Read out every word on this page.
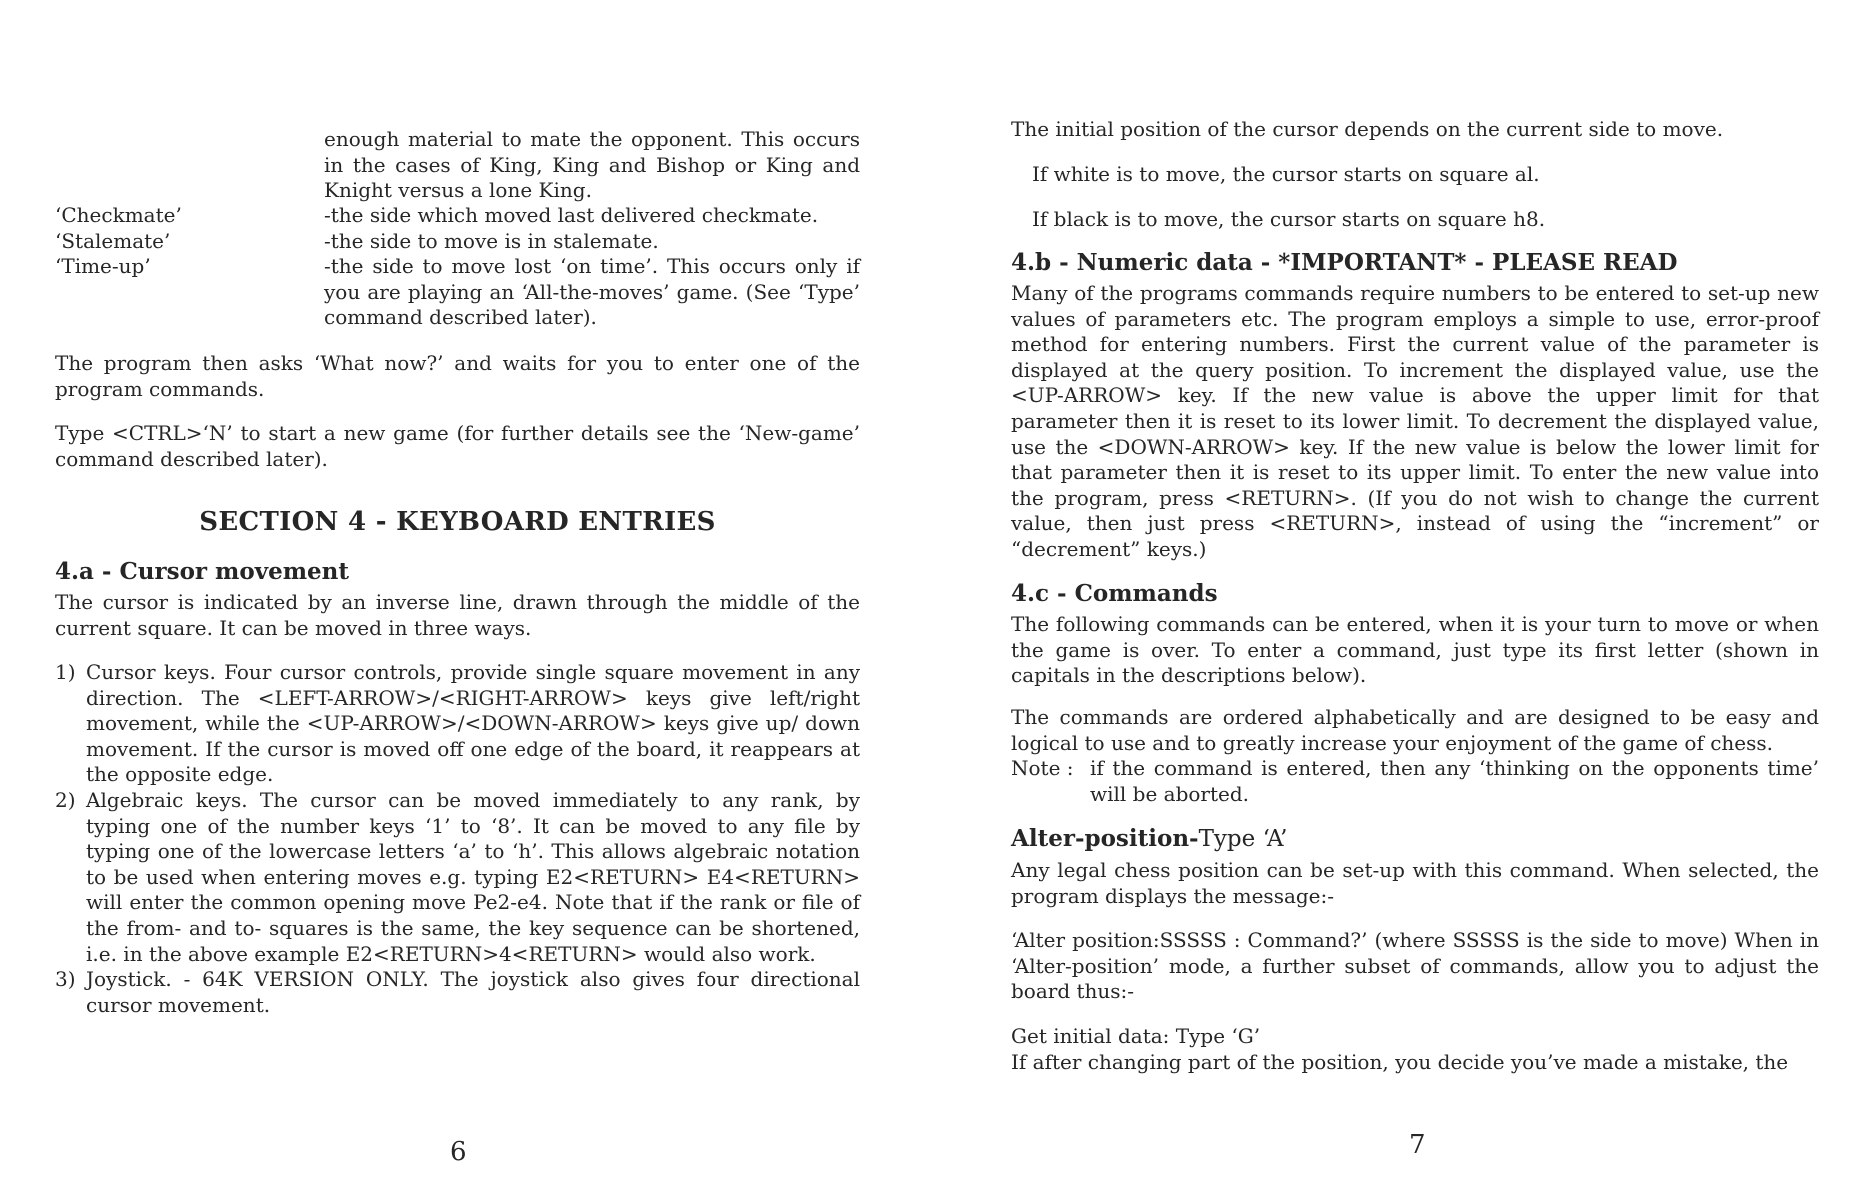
enough material to mate the opponent. This occurs in the cases of King, King and Bishop or King and Knight versus a lone King.

‘Checkmate’	-the side which moved last delivered checkmate.
‘Stalemate’	-the side to move is in stalemate.
‘Time-up’	-the side to move lost ‘on time’. This occurs only if you are playing an ‘All-the-moves’ game. (See ‘Type’ command described later).

The program then asks ‘What now?’ and waits for you to enter one of the program commands.

Type <CTRL>‘N’ to start a new game (for further details see the ‘New-game’ command described later).

SECTION 4 - KEYBOARD ENTRIES
4.a - Cursor movement

The cursor is indicated by an inverse line, drawn through the middle of the current square. It can be moved in three ways.

1) Cursor keys. Four cursor controls, provide single square movement in any direction. The <LEFT-ARROW>/<RIGHT-ARROW> keys give left/right movement, while the <UP-ARROW>/<DOWN-ARROW> keys give up/ down movement. If the cursor is moved off one edge of the board, it reappears at the opposite edge.
2) Algebraic keys. The cursor can be moved immediately to any rank, by typing one of the number keys ‘1’ to ‘8’. It can be moved to any file by typing one of the lowercase letters ‘a’ to ‘h’. This allows algebraic notation to be used when entering moves e.g. typing E2<RETURN> E4<RETURN> will enter the common opening move Pe2-e4. Note that if the rank or file of the from- and to- squares is the same, the key sequence can be shortened, i.e. in the above example E2<RETURN>4<RETURN> would also work.
3) Joystick. - 64K VERSION ONLY. The joystick also gives four directional cursor movement.
6

The initial position of the cursor depends on the current side to move.

If white is to move, the cursor starts on square al.

If black is to move, the cursor starts on square h8.

4.b - Numeric data - *IMPORTANT* - PLEASE READ

Many of the programs commands require numbers to be entered to set-up new values of parameters etc. The program employs a simple to use, error-proof method for entering numbers. First the current value of the parameter is displayed at the query position. To increment the displayed value, use the <UP-ARROW> key. If the new value is above the upper limit for that parameter then it is reset to its lower limit. To decrement the displayed value, use the <DOWN-ARROW> key. If the new value is below the lower limit for that parameter then it is reset to its upper limit. To enter the new value into the program, press <RETURN>. (If you do not wish to change the current value, then just press <RETURN>, instead of using the “increment” or “decrement” keys.)

4.c - Commands

The following commands can be entered, when it is your turn to move or when the game is over. To enter a command, just type its first letter (shown in capitals in the descriptions below).

The commands are ordered alphabetically and are designed to be easy and logical to use and to greatly increase your enjoyment of the game of chess.

Note : if the command is entered, then any ‘thinking on the opponents time’ will be aborted.
Alter-position-Type ‘A’

Any legal chess position can be set-up with this command. When selected, the program displays the message:-

‘Alter position:SSSSS : Command?’ (where SSSSS is the side to move) When in ‘Alter-position’ mode, a further subset of commands, allow you to adjust the board thus:-

Get initial data: Type ‘G’

If after changing part of the position, you decide you’ve made a mistake, the

7
